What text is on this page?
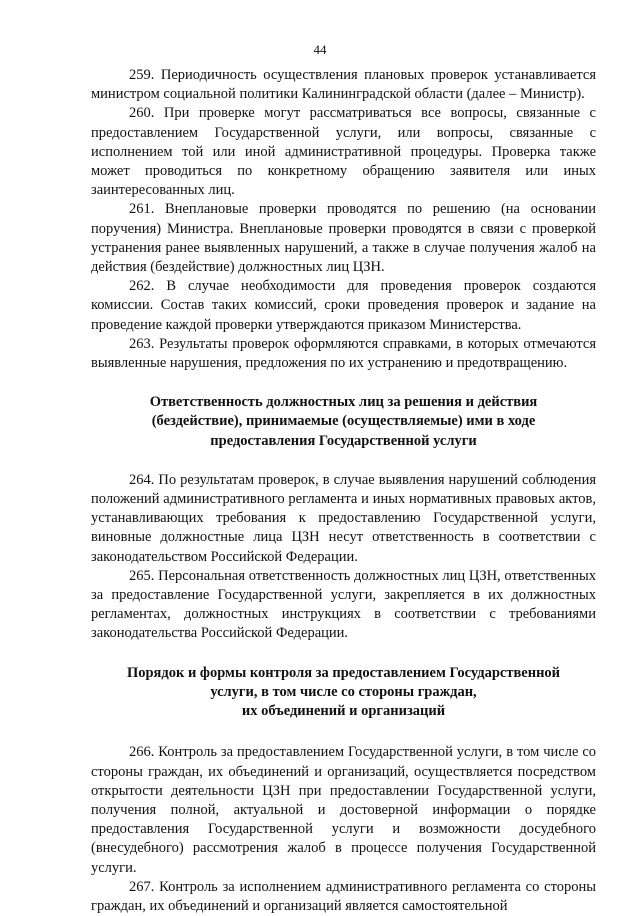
44

259. Периодичность осуществления плановых проверок устанавливается министром социальной политики Калининградской области (далее – Министр).

260. При проверке могут рассматриваться все вопросы, связанные с предоставлением Государственной услуги, или вопросы, связанные с исполнением той или иной административной процедуры. Проверка также может проводиться по конкретному обращению заявителя или иных заинтересованных лиц.

261. Внеплановые проверки проводятся по решению (на основании поручения) Министра. Внеплановые проверки проводятся в связи с проверкой устранения ранее выявленных нарушений, а также в случае получения жалоб на действия (бездействие) должностных лиц ЦЗН.

262. В случае необходимости для проведения проверок создаются комиссии. Состав таких комиссий, сроки проведения проверок и задание на проведение каждой проверки утверждаются приказом Министерства.

263. Результаты проверок оформляются справками, в которых отмечаются выявленные нарушения, предложения по их устранению и предотвращению.

Ответственность должностных лиц за решения и действия
(бездействие), принимаемые (осуществляемые) ими в ходе
предоставления Государственной услуги

264. По результатам проверок, в случае выявления нарушений соблюдения положений административного регламента и иных нормативных правовых актов, устанавливающих требования к предоставлению Государственной услуги, виновные должностные лица ЦЗН несут ответственность в соответствии с законодательством Российской Федерации.

265. Персональная ответственность должностных лиц ЦЗН, ответственных за предоставление Государственной услуги, закрепляется в их должностных регламентах, должностных инструкциях в соответствии с требованиями законодательства Российской Федерации.

Порядок и формы контроля за предоставлением Государственной
услуги, в том числе со стороны граждан,
их объединений и организаций

266. Контроль за предоставлением Государственной услуги, в том числе со стороны граждан, их объединений и организаций, осуществляется посредством открытости деятельности ЦЗН при предоставлении Государственной услуги, получения полной, актуальной и достоверной информации о порядке предоставления Государственной услуги и возможности досудебного (внесудебного) рассмотрения жалоб в процессе получения Государственной услуги.

267. Контроль за исполнением административного регламента со стороны граждан, их объединений и организаций является самостоятельной
